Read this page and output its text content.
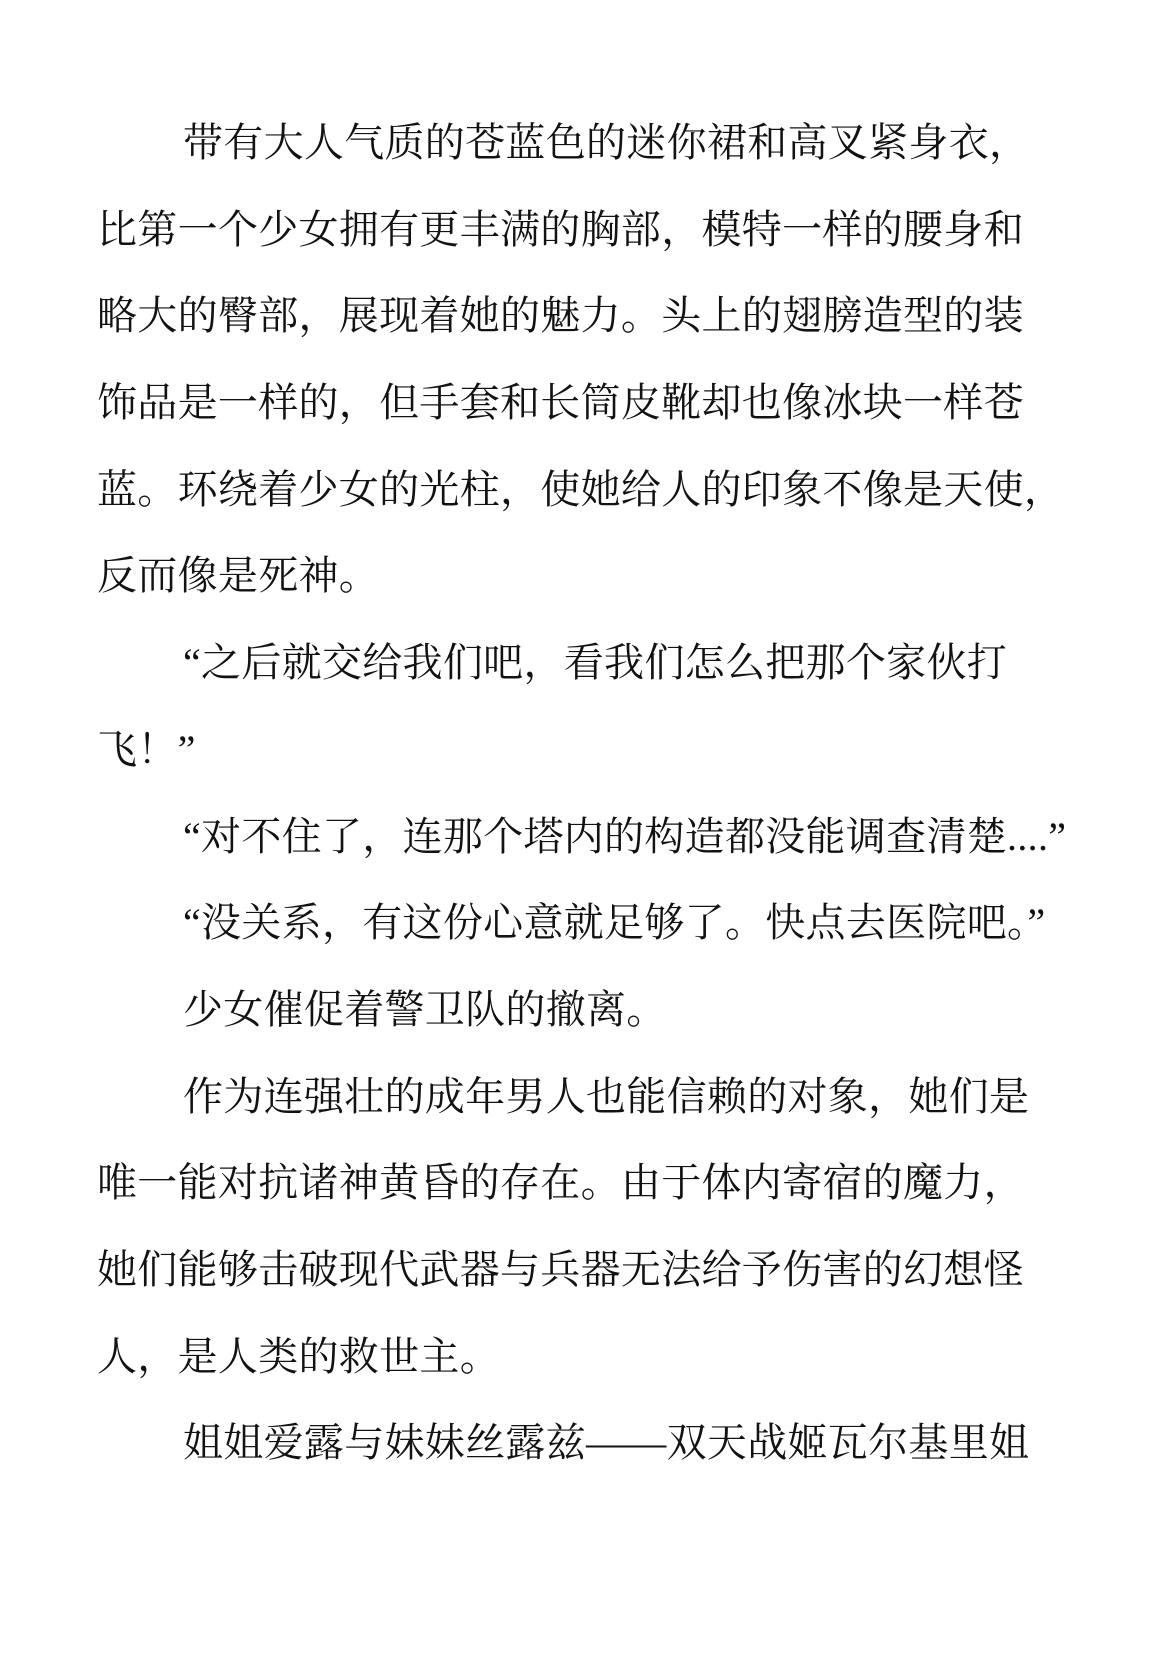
带有大人气质的苍蓝色的迷你裙和高叉紧身衣，
比第一个少女拥有更丰满的胸部，模特一样的腰身和
略大的臀部，展现着她的魅力。头上的翅膀造型的装
饰品是一样的，但手套和长筒皮靴却也像冰块一样苍
蓝。环绕着少女的光柱，使她给人的印象不像是天使，
反而像是死神。
“之后就交给我们吧，看我们怎么把那个家伙打
飞！”
“对不住了，连那个塔内的构造都没能调查清楚....”
“没关系，有这份心意就足够了。快点去医院吧。”
少女催促着警卫队的撤离。
作为连强壮的成年男人也能信赖的对象，她们是
唯一能对抗诸神黄昏的存在。由于体内寄宿的魔力，
她们能够击破现代武器与兵器无法给予伤害的幻想怪
人，是人类的救世主。
姐姐爱露与妹妹丝露兹——双天战姬瓦尔基里姐
